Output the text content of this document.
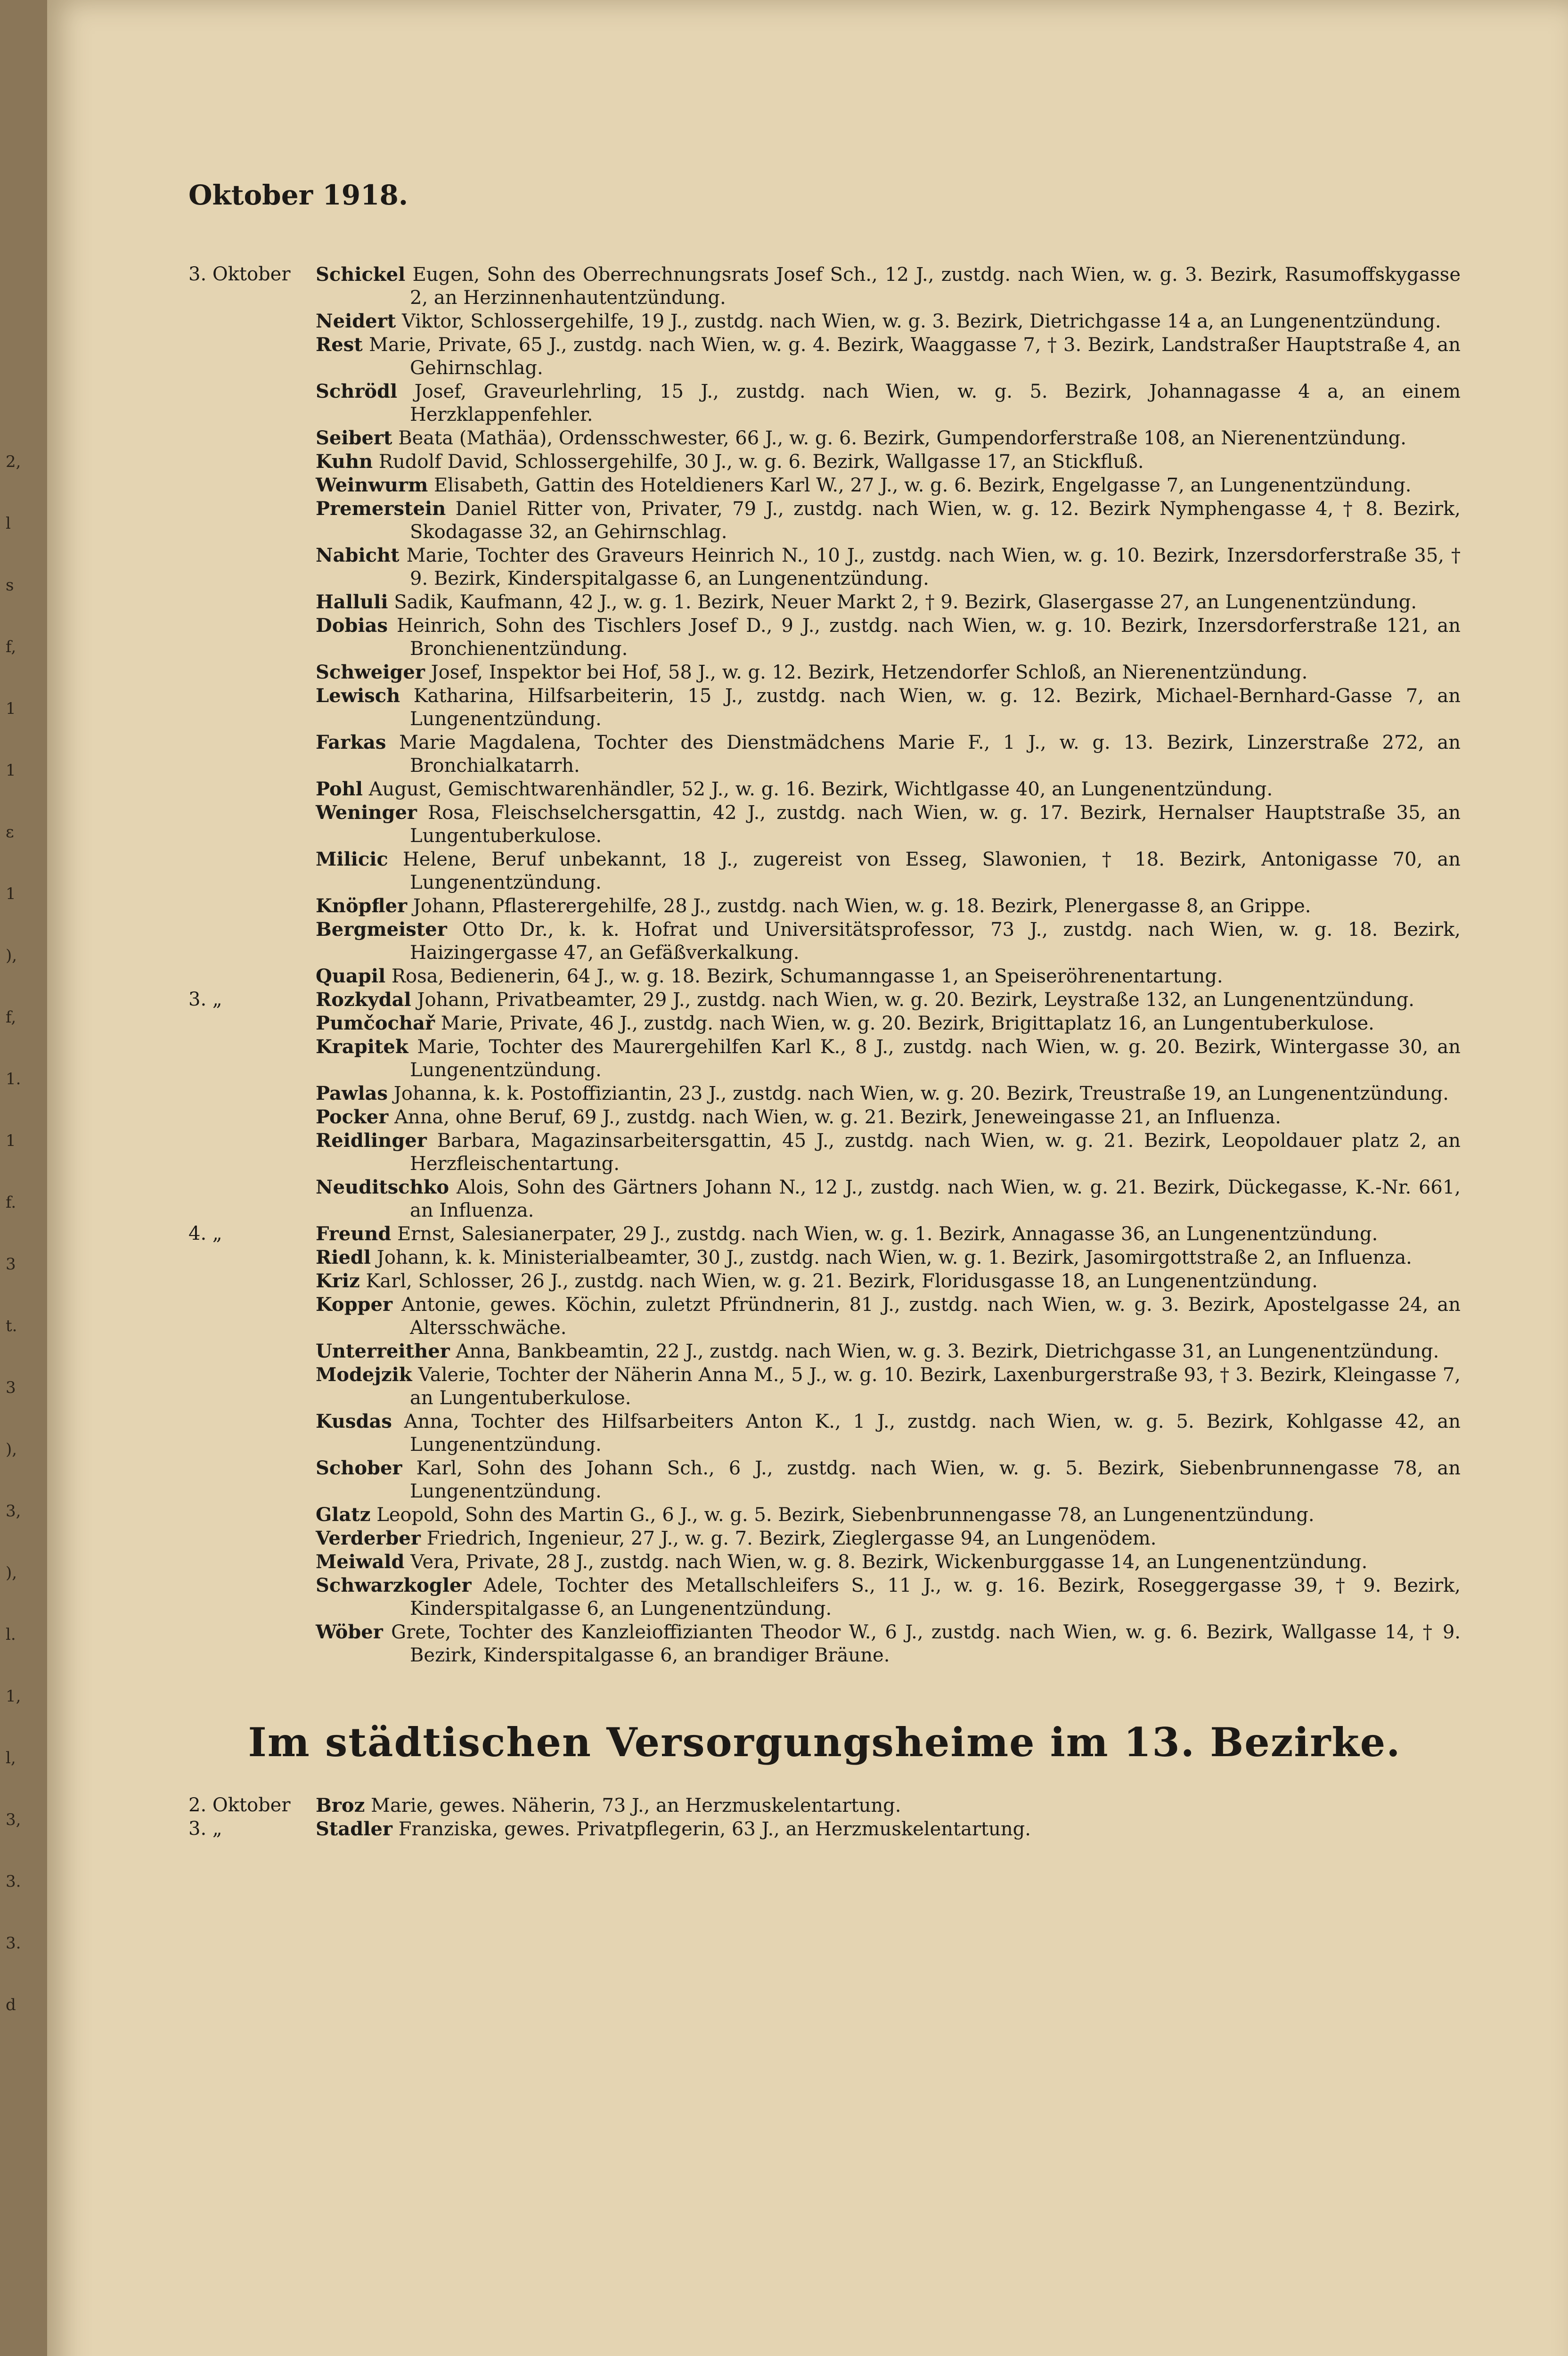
2,
l
s
f,
1
1
ε
1
),
f,
1.
1
f.
3
t.
3
),
3,
),
l.
1,
l,
3,
3.
3.
d
Oktober 1918.
3. Oktober	Schickel Eugen, Sohn des Oberrechnungsrats Josef Sch., 12 J., zustdg. nach Wien, w. g. 3. Bezirk, Rasumoffskygasse 2, an Herzinnenhautentzündung.
Neidert Viktor, Schlossergehilfe, 19 J., zustdg. nach Wien, w. g. 3. Bezirk, Dietrichgasse 14 a, an Lungenentzündung.
Rest Marie, Private, 65 J., zustdg. nach Wien, w. g. 4. Bezirk, Waaggasse 7, † 3. Bezirk, Landstraßer Hauptstraße 4, an Gehirnschlag.
Schrödl Josef, Graveurlehrling, 15 J., zustdg. nach Wien, w. g. 5. Bezirk, Johannagasse 4 a, an einem Herzklappenfehler.
Seibert Beata (Mathäa), Ordensschwester, 66 J., w. g. 6. Bezirk, Gumpendorferstraße 108, an Nierenentzündung.
Kuhn Rudolf David, Schlossergehilfe, 30 J., w. g. 6. Bezirk, Wallgasse 17, an Stickfluß.
Weinwurm Elisabeth, Gattin des Hoteldieners Karl W., 27 J., w. g. 6. Bezirk, Engelgasse 7, an Lungenentzündung.
Premerstein Daniel Ritter von, Privater, 79 J., zustdg. nach Wien, w. g. 12. Bezirk Nymphengasse 4, † 8. Bezirk, Skodagasse 32, an Gehirnschlag.
Nabicht Marie, Tochter des Graveurs Heinrich N., 10 J., zustdg. nach Wien, w. g. 10. Bezirk, Inzersdorferstraße 35, † 9. Bezirk, Kinderspitalgasse 6, an Lungenentzündung.
Halluli Sadik, Kaufmann, 42 J., w. g. 1. Bezirk, Neuer Markt 2, † 9. Bezirk, Glasergasse 27, an Lungenentzündung.
Dobias Heinrich, Sohn des Tischlers Josef D., 9 J., zustdg. nach Wien, w. g. 10. Bezirk, Inzersdorferstraße 121, an Bronchienentzündung.
Schweiger Josef, Inspektor bei Hof, 58 J., w. g. 12. Bezirk, Hetzendorfer Schloß, an Nierenentzündung.
Lewisch Katharina, Hilfsarbeiterin, 15 J., zustdg. nach Wien, w. g. 12. Bezirk, Michael-Bernhard-Gasse 7, an Lungenentzündung.
Farkas Marie Magdalena, Tochter des Dienstmädchens Marie F., 1 J., w. g. 13. Bezirk, Linzerstraße 272, an Bronchialkatarrh.
Pohl August, Gemischtwarenhändler, 52 J., w. g. 16. Bezirk, Wichtlgasse 40, an Lungenentzündung.
Weninger Rosa, Fleischselchersgattin, 42 J., zustdg. nach Wien, w. g. 17. Bezirk, Hernalser Hauptstraße 35, an Lungentuberkulose.
Milicic Helene, Beruf unbekannt, 18 J., zugereist von Esseg, Slawonien, † 18. Bezirk, Antonigasse 70, an Lungenentzündung.
Knöpfler Johann, Pflasterergehilfe, 28 J., zustdg. nach Wien, w. g. 18. Bezirk, Plenergasse 8, an Grippe.
Bergmeister Otto Dr., k. k. Hofrat und Universitätsprofessor, 73 J., zustdg. nach Wien, w. g. 18. Bezirk, Haizingergasse 47, an Gefäßverkalkung.
Quapil Rosa, Bedienerin, 64 J., w. g. 18. Bezirk, Schumanngasse 1, an Speiseröhrenentartung.
3. „	Rozkydal Johann, Privatbeamter, 29 J., zustdg. nach Wien, w. g. 20. Bezirk, Leystraße 132, an Lungenentzündung.
Pumčochař Marie, Private, 46 J., zustdg. nach Wien, w. g. 20. Bezirk, Brigittaplatz 16, an Lungentuberkulose.
Krapitek Marie, Tochter des Maurergehilfen Karl K., 8 J., zustdg. nach Wien, w. g. 20. Bezirk, Wintergasse 30, an Lungenentzündung.
Pawlas Johanna, k. k. Postoffiziantin, 23 J., zustdg. nach Wien, w. g. 20. Bezirk, Treustraße 19, an Lungenentzündung.
Pocker Anna, ohne Beruf, 69 J., zustdg. nach Wien, w. g. 21. Bezirk, Jeneweingasse 21, an Influenza.
Reidlinger Barbara, Magazinsarbeitersgattin, 45 J., zustdg. nach Wien, w. g. 21. Bezirk, Leopoldauer platz 2, an Herzfleischentartung.
Neuditschko Alois, Sohn des Gärtners Johann N., 12 J., zustdg. nach Wien, w. g. 21. Bezirk, Dückegasse, K.-Nr. 661, an Influenza.
4. „	Freund Ernst, Salesianerpater, 29 J., zustdg. nach Wien, w. g. 1. Bezirk, Annagasse 36, an Lungenentzündung.
Riedl Johann, k. k. Ministerialbeamter, 30 J., zustdg. nach Wien, w. g. 1. Bezirk, Jasomirgottstraße 2, an Influenza.
Kriz Karl, Schlosser, 26 J., zustdg. nach Wien, w. g. 21. Bezirk, Floridusgasse 18, an Lungenentzündung.
Kopper Antonie, gewes. Köchin, zuletzt Pfründnerin, 81 J., zustdg. nach Wien, w. g. 3. Bezirk, Apostelgasse 24, an Altersschwäche.
Unterreither Anna, Bankbeamtin, 22 J., zustdg. nach Wien, w. g. 3. Bezirk, Dietrichgasse 31, an Lungenentzündung.
Modejzik Valerie, Tochter der Näherin Anna M., 5 J., w. g. 10. Bezirk, Laxenburgerstraße 93, † 3. Bezirk, Kleingasse 7, an Lungentuberkulose.
Kusdas Anna, Tochter des Hilfsarbeiters Anton K., 1 J., zustdg. nach Wien, w. g. 5. Bezirk, Kohlgasse 42, an Lungenentzündung.
Schober Karl, Sohn des Johann Sch., 6 J., zustdg. nach Wien, w. g. 5. Bezirk, Siebenbrunnengasse 78, an Lungenentzündung.
Glatz Leopold, Sohn des Martin G., 6 J., w. g. 5. Bezirk, Siebenbrunnengasse 78, an Lungenentzündung.
Verderber Friedrich, Ingenieur, 27 J., w. g. 7. Bezirk, Zieglergasse 94, an Lungenödem.
Meiwald Vera, Private, 28 J., zustdg. nach Wien, w. g. 8. Bezirk, Wickenburggasse 14, an Lungenentzündung.
Schwarzkogler Adele, Tochter des Metallschleifers S., 11 J., w. g. 16. Bezirk, Roseggergasse 39, † 9. Bezirk, Kinderspitalgasse 6, an Lungenentzündung.
Wöber Grete, Tochter des Kanzleioffizianten Theodor W., 6 J., zustdg. nach Wien, w. g. 6. Bezirk, Wallgasse 14, † 9. Bezirk, Kinderspitalgasse 6, an brandiger Bräune.
Im städtischen Versorgungsheime im 13. Bezirke.
2. Oktober	Broz Marie, gewes. Näherin, 73 J., an Herzmuskelentartung.
3. „	Stadler Franziska, gewes. Privatpflegerin, 63 J., an Herzmuskelentartung.
